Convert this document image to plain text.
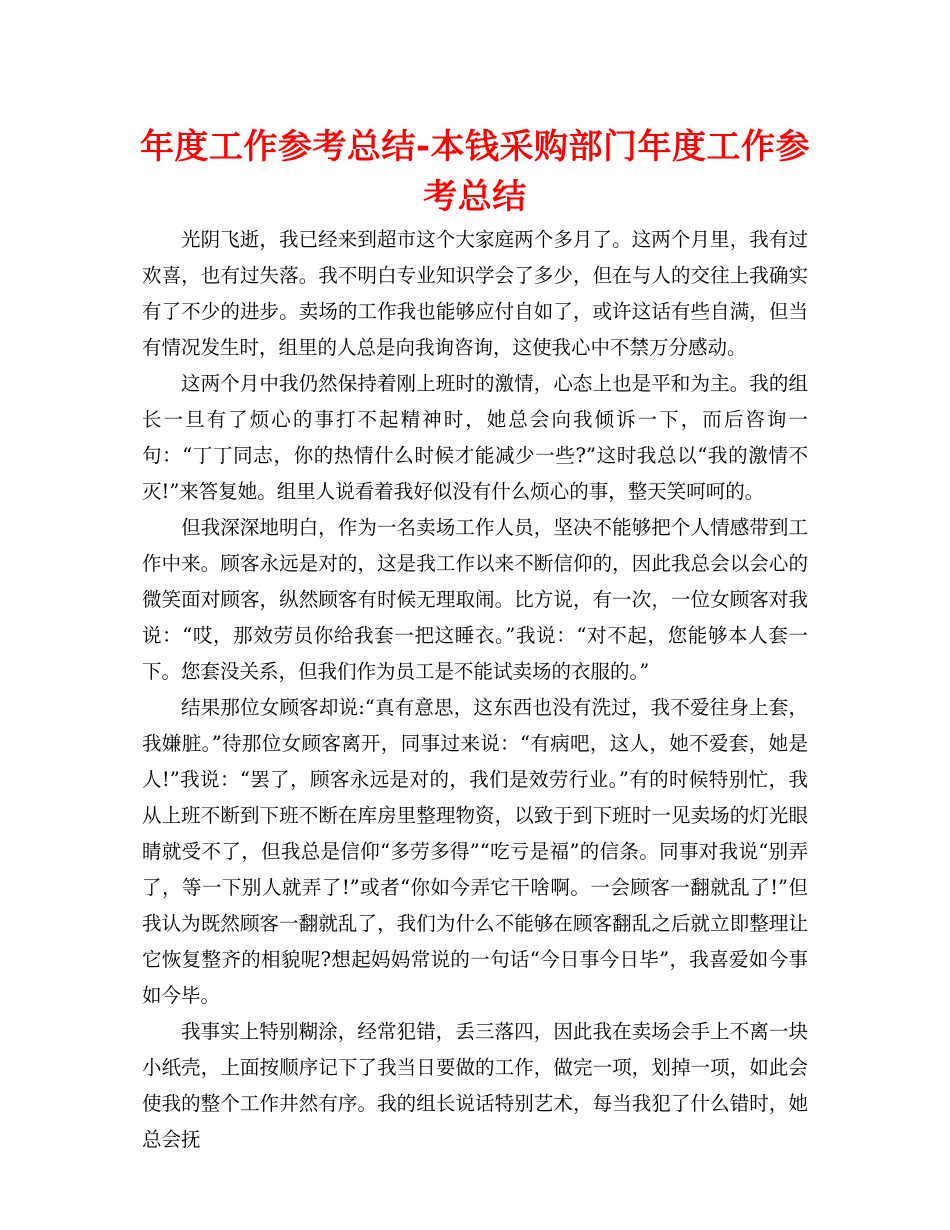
年度工作参考总结-本钱采购部门年度工作参考总结

光阴飞逝，我已经来到超市这个大家庭两个多月了。这两个月里，我有过欢喜，也有过失落。我不明白专业知识学会了多少，但在与人的交往上我确实有了不少的进步。卖场的工作我也能够应付自如了，或许这话有些自满，但当有情况发生时，组里的人总是向我询咨询，这使我心中不禁万分感动。

这两个月中我仍然保持着刚上班时的激情，心态上也是平和为主。我的组长一旦有了烦心的事打不起精神时，她总会向我倾诉一下，而后咨询一句：“丁丁同志，你的热情什么时候才能减少一些?”这时我总以“我的激情不灭!”来答复她。组里人说看着我好似没有什么烦心的事，整天笑呵呵的。

但我深深地明白，作为一名卖场工作人员，坚决不能够把个人情感带到工作中来。顾客永远是对的，这是我工作以来不断信仰的，因此我总会以会心的微笑面对顾客，纵然顾客有时候无理取闹。比方说，有一次，一位女顾客对我说：“哎，那效劳员你给我套一把这睡衣。”我说：“对不起，您能够本人套一下。您套没关系，但我们作为员工是不能试卖场的衣服的。”

结果那位女顾客却说:“真有意思，这东西也没有洗过，我不爱往身上套，我嫌脏。”待那位女顾客离开，同事过来说：“有病吧，这人，她不爱套，她是人!”我说：“罢了，顾客永远是对的，我们是效劳行业。”有的时候特别忙，我从上班不断到下班不断在库房里整理物资，以致于到下班时一见卖场的灯光眼睛就受不了，但我总是信仰“多劳多得”“吃亏是福”的信条。同事对我说“别弄了，等一下别人就弄了!”或者“你如今弄它干啥啊。一会顾客一翻就乱了!”但我认为既然顾客一翻就乱了，我们为什么不能够在顾客翻乱之后就立即整理让它恢复整齐的相貌呢?想起妈妈常说的一句话“今日事今日毕”，我喜爱如今事如今毕。

我事实上特别糊涂，经常犯错，丢三落四，因此我在卖场会手上不离一块小纸壳，上面按顺序记下了我当日要做的工作，做完一项，划掉一项，如此会使我的整个工作井然有序。我的组长说话特别艺术，每当我犯了什么错时，她总会抚
